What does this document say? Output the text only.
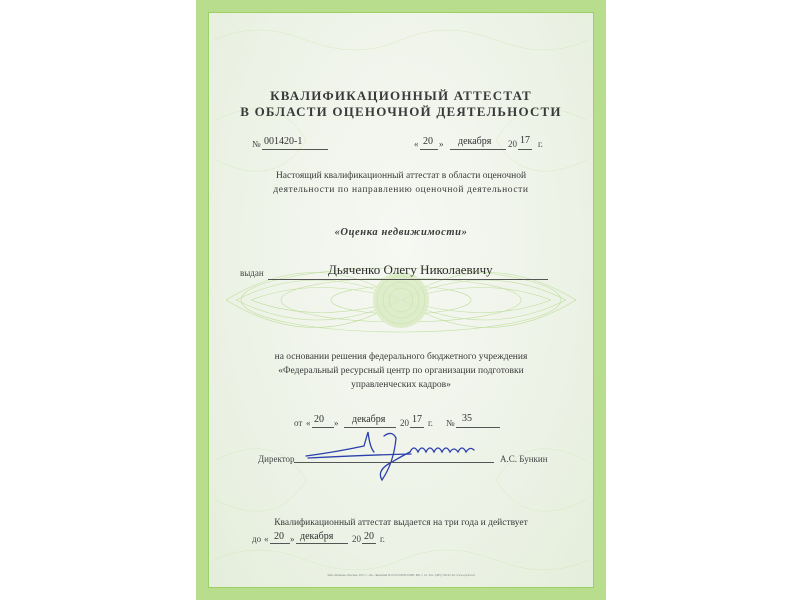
КВАЛИФИКАЦИОННЫЙ АТТЕСТАТ
В ОБЛАСТИ ОЦЕНОЧНОЙ ДЕЯТЕЛЬНОСТИ
№ 001420-1	« 20 » декабря 20 17 г.
Настоящий квалификационный аттестат в области оценочной
деятельности по направлению оценочной деятельности
«Оценка недвижимости»
выдан	Дьяченко Олегу Николаевичу
на основании решения федерального бюджетного учреждения
«Федеральный ресурсный центр по организации подготовки
управленческих кадров»
от « 20 » декабря 20 17 г. № 35
Директор	А.С. Бункин
Квалификационный аттестат выдается на три года и действует
до « 20 » декабря 20 20 г.
ЗАО «Опцион» Москва, 2017 г., «Б». Лицензия № 05-05-06/003 ФНС РФ, т. 14. Тел.: (495) 726-47-42, www.opcion.ru
